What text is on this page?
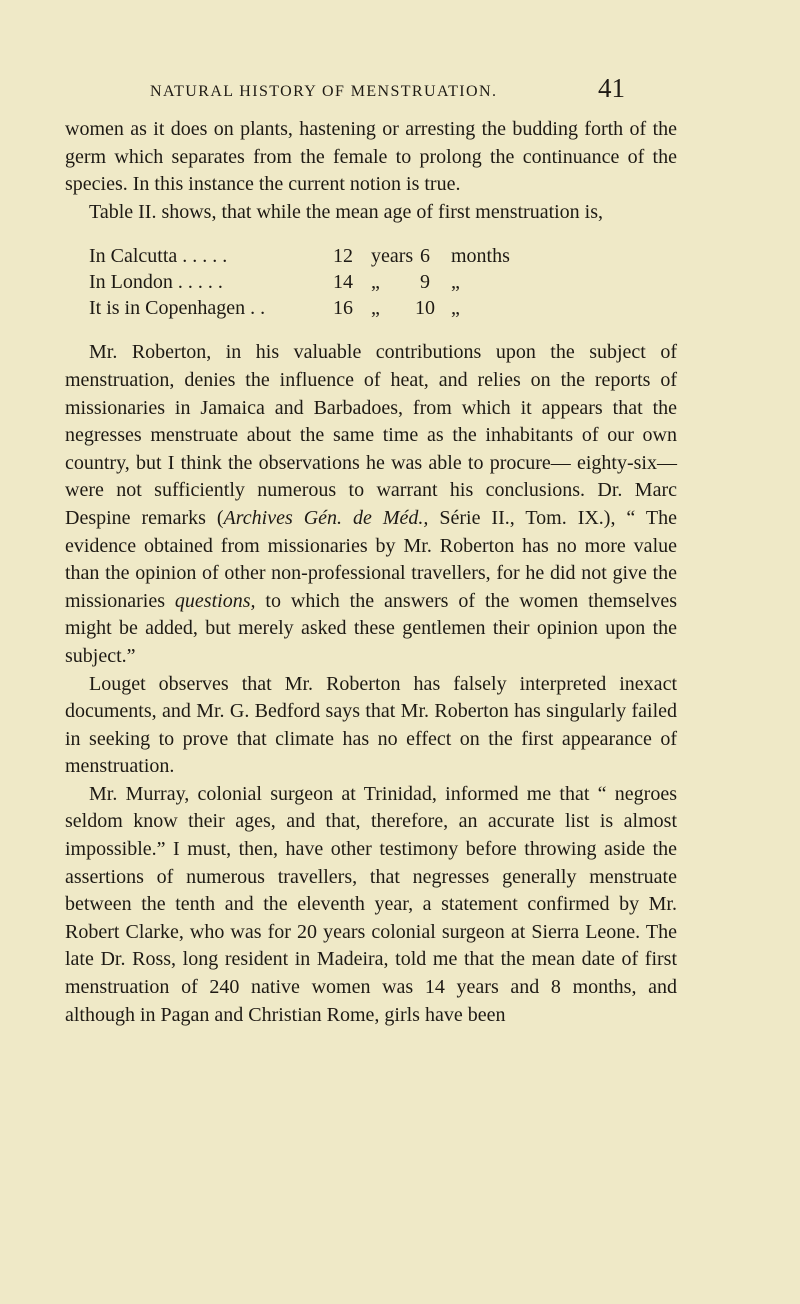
NATURAL HISTORY OF MENSTRUATION.	41

women as it does on plants, hastening or arresting the budding forth of the germ which separates from the female to prolong the continuance of the species. In this instance the current notion is true.

Table II. shows, that while the mean age of first menstruation is,

In Calcutta . . . . .	12 years 6	months
In London . . . . .	14 „	9	„
It is in Copenhagen . .	16 „	10 „

Mr. Roberton, in his valuable contributions upon the subject of menstruation, denies the influence of heat, and relies on the reports of missionaries in Jamaica and Barbadoes, from which it appears that the negresses menstruate about the same time as the inhabitants of our own country, but I think the observations he was able to procure— eighty-six—were not sufficiently numerous to warrant his conclusions. Dr. Marc Despine remarks (Archives Gén. de Méd., Série II., Tom. IX.), “ The evidence obtained from missionaries by Mr. Roberton has no more value than the opinion of other non-professional travellers, for he did not give the missionaries questions, to which the answers of the women themselves might be added, but merely asked these gentlemen their opinion upon the subject.”

Louget observes that Mr. Roberton has falsely interpreted inexact documents, and Mr. G. Bedford says that Mr. Roberton has singularly failed in seeking to prove that climate has no effect on the first appearance of menstruation.

Mr. Murray, colonial surgeon at Trinidad, informed me that “ negroes seldom know their ages, and that, therefore, an accurate list is almost impossible.” I must, then, have other testimony before throwing aside the assertions of numerous travellers, that negresses generally menstruate between the tenth and the eleventh year, a statement confirmed by Mr. Robert Clarke, who was for 20 years colonial surgeon at Sierra Leone. The late Dr. Ross, long resident in Madeira, told me that the mean date of first menstruation of 240 native women was 14 years and 8 months, and although in Pagan and Christian Rome, girls have been
